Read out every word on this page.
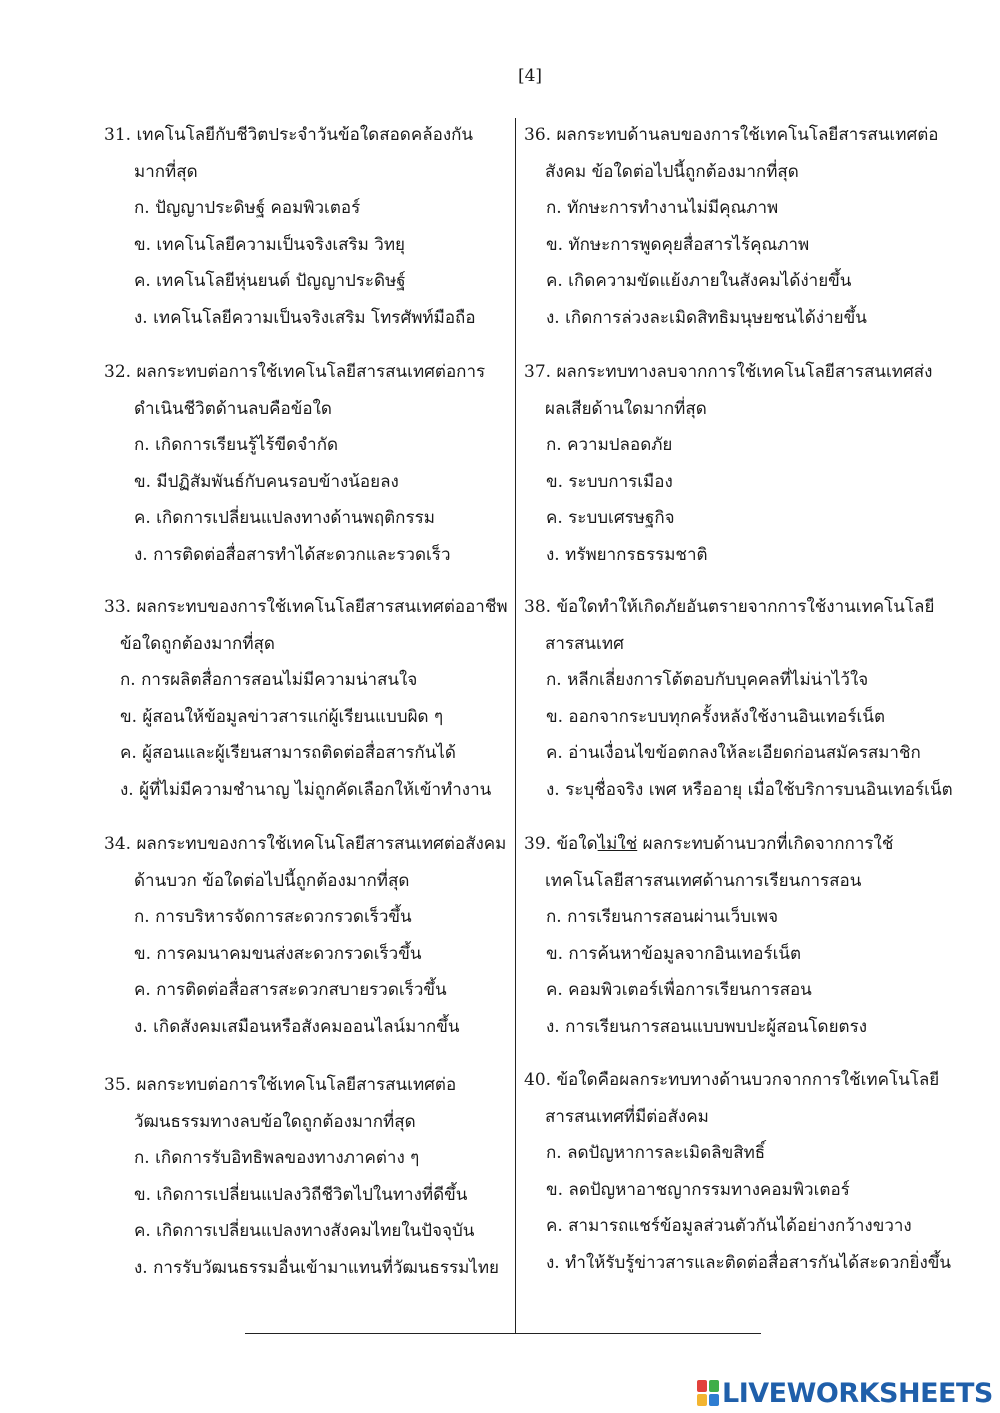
[4]
31. เทคโนโลยีกับชีวิตประจำวันข้อใดสอดคล้องกัน
มากที่สุด
ก. ปัญญาประดิษฐ์ คอมพิวเตอร์
ข. เทคโนโลยีความเป็นจริงเสริม วิทยุ
ค. เทคโนโลยีหุ่นยนต์ ปัญญาประดิษฐ์
ง. เทคโนโลยีความเป็นจริงเสริม โทรศัพท์มือถือ
32. ผลกระทบต่อการใช้เทคโนโลยีสารสนเทศต่อการ
ดำเนินชีวิตด้านลบคือข้อใด
ก. เกิดการเรียนรู้ไร้ขีดจำกัด
ข. มีปฏิสัมพันธ์กับคนรอบข้างน้อยลง
ค. เกิดการเปลี่ยนแปลงทางด้านพฤติกรรม
ง. การติดต่อสื่อสารทำได้สะดวกและรวดเร็ว
33. ผลกระทบของการใช้เทคโนโลยีสารสนเทศต่ออาชีพ
ข้อใดถูกต้องมากที่สุด
ก. การผลิตสื่อการสอนไม่มีความน่าสนใจ
ข. ผู้สอนให้ข้อมูลข่าวสารแก่ผู้เรียนแบบผิด ๆ
ค. ผู้สอนและผู้เรียนสามารถติดต่อสื่อสารกันได้
ง. ผู้ที่ไม่มีความชำนาญ ไม่ถูกคัดเลือกให้เข้าทำงาน
34. ผลกระทบของการใช้เทคโนโลยีสารสนเทศต่อสังคม
ด้านบวก ข้อใดต่อไปนี้ถูกต้องมากที่สุด
ก. การบริหารจัดการสะดวกรวดเร็วขึ้น
ข. การคมนาคมขนส่งสะดวกรวดเร็วขึ้น
ค. การติดต่อสื่อสารสะดวกสบายรวดเร็วขึ้น
ง. เกิดสังคมเสมือนหรือสังคมออนไลน์มากขึ้น
35. ผลกระทบต่อการใช้เทคโนโลยีสารสนเทศต่อ
วัฒนธรรมทางลบข้อใดถูกต้องมากที่สุด
ก. เกิดการรับอิทธิพลของทางภาคต่าง ๆ
ข. เกิดการเปลี่ยนแปลงวิถีชีวิตไปในทางที่ดีขึ้น
ค. เกิดการเปลี่ยนแปลงทางสังคมไทยในปัจจุบัน
ง. การรับวัฒนธรรมอื่นเข้ามาแทนที่วัฒนธรรมไทย
36. ผลกระทบด้านลบของการใช้เทคโนโลยีสารสนเทศต่อ
สังคม ข้อใดต่อไปนี้ถูกต้องมากที่สุด
ก. ทักษะการทำงานไม่มีคุณภาพ
ข. ทักษะการพูดคุยสื่อสารไร้คุณภาพ
ค. เกิดความขัดแย้งภายในสังคมได้ง่ายขึ้น
ง. เกิดการล่วงละเมิดสิทธิมนุษยชนได้ง่ายขึ้น
37. ผลกระทบทางลบจากการใช้เทคโนโลยีสารสนเทศส่ง
ผลเสียด้านใดมากที่สุด
ก. ความปลอดภัย
ข. ระบบการเมือง
ค. ระบบเศรษฐกิจ
ง. ทรัพยากรธรรมชาติ
38. ข้อใดทำให้เกิดภัยอันตรายจากการใช้งานเทคโนโลยี
สารสนเทศ
ก. หลีกเลี่ยงการโต้ตอบกับบุคคลที่ไม่น่าไว้ใจ
ข. ออกจากระบบทุกครั้งหลังใช้งานอินเทอร์เน็ต
ค. อ่านเงื่อนไขข้อตกลงให้ละเอียดก่อนสมัครสมาชิก
ง. ระบุชื่อจริง เพศ หรืออายุ เมื่อใช้บริการบนอินเทอร์เน็ต
39. ข้อใดไม่ใช่ ผลกระทบด้านบวกที่เกิดจากการใช้
เทคโนโลยีสารสนเทศด้านการเรียนการสอน
ก. การเรียนการสอนผ่านเว็บเพจ
ข. การค้นหาข้อมูลจากอินเทอร์เน็ต
ค. คอมพิวเตอร์เพื่อการเรียนการสอน
ง. การเรียนการสอนแบบพบปะผู้สอนโดยตรง
40. ข้อใดคือผลกระทบทางด้านบวกจากการใช้เทคโนโลยี
สารสนเทศที่มีต่อสังคม
ก. ลดปัญหาการละเมิดลิขสิทธิ์
ข. ลดปัญหาอาชญากรรมทางคอมพิวเตอร์
ค. สามารถแชร์ข้อมูลส่วนตัวกันได้อย่างกว้างขวาง
ง. ทำให้รับรู้ข่าวสารและติดต่อสื่อสารกันได้สะดวกยิ่งขึ้น
LIVEWORKSHEETS
